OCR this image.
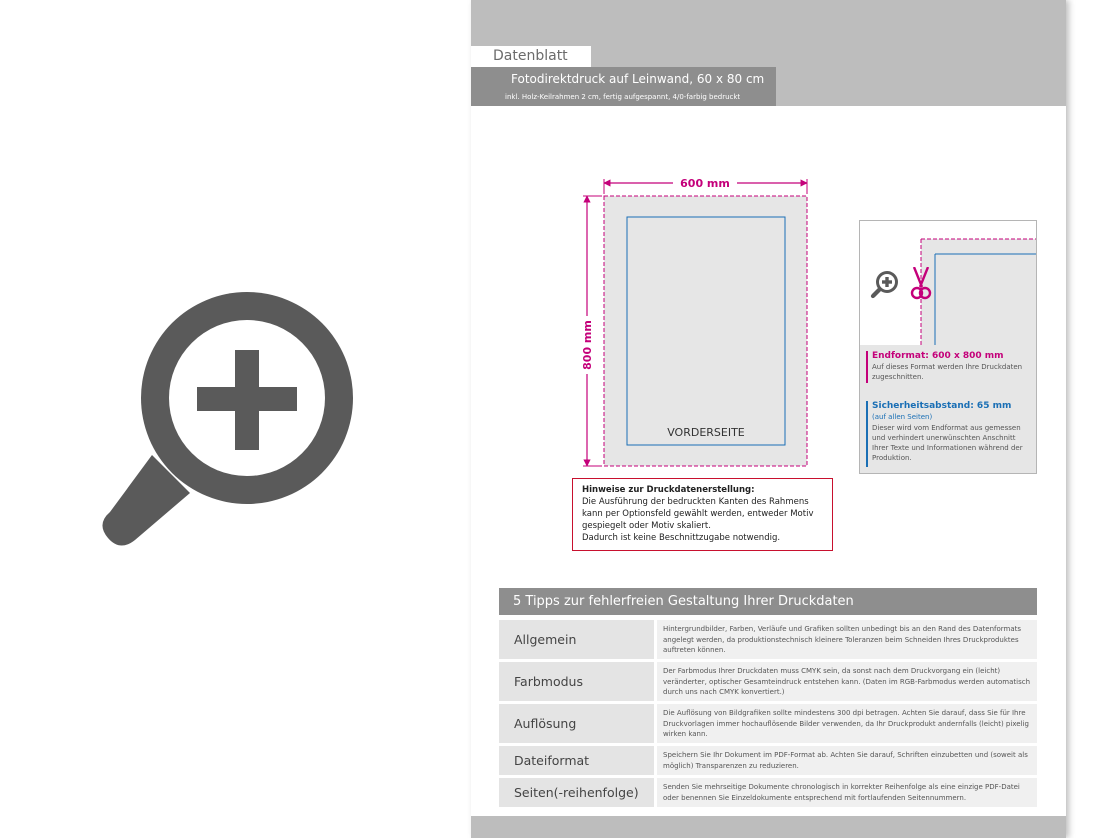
Datenblatt
Fotodirektdruck auf Leinwand, 60 x 80 cm
inkl. Holz-Keilrahmen 2 cm, fertig aufgespannt, 4/0-farbig bedruckt
600 mm
800 mm
VORDERSEITE
Endformat: 600 x 800 mm
Auf dieses Format werden Ihre Druckdaten zugeschnitten.
Sicherheitsabstand: 65 mm
(auf allen Seiten)
Dieser wird vom Endformat aus gemessen und verhindert unerwünschten Anschnitt Ihrer Texte und Informationen während der Produktion.
Hinweise zur Druckdatenerstellung:
Die Ausführung der bedruckten Kanten des Rahmens
kann per Optionsfeld gewählt werden, entweder Motiv
gespiegelt oder Motiv skaliert.
Dadurch ist keine Beschnittzugabe notwendig.
5 Tipps zur fehlerfreien Gestaltung Ihrer Druckdaten
Allgemein
Hintergrundbilder, Farben, Verläufe und Grafiken sollten unbedingt bis an den Rand des Datenformats angelegt werden, da produktionstechnisch kleinere Toleranzen beim Schneiden Ihres Druckproduktes auftreten können.
Farbmodus
Der Farbmodus Ihrer Druckdaten muss CMYK sein, da sonst nach dem Druckvorgang ein (leicht) veränderter, optischer Gesamteindruck entstehen kann. (Daten im RGB-Farbmodus werden automatisch durch uns nach CMYK konvertiert.)
Auflösung
Die Auflösung von Bildgrafiken sollte mindestens 300 dpi betragen. Achten Sie darauf, dass Sie für Ihre Druckvorlagen immer hochauflösende Bilder verwenden, da Ihr Druckprodukt andernfalls (leicht) pixelig wirken kann.
Dateiformat	Speichern Sie Ihr Dokument im PDF-Format ab. Achten Sie darauf, Schriften einzubetten und (soweit als möglich) Transparenzen zu reduzieren.
Seiten(-reihenfolge)	Senden Sie mehrseitige Dokumente chronologisch in korrekter Reihenfolge als eine einzige PDF-Datei oder benennen Sie Einzeldokumente entsprechend mit fortlaufenden Seitennummern.
